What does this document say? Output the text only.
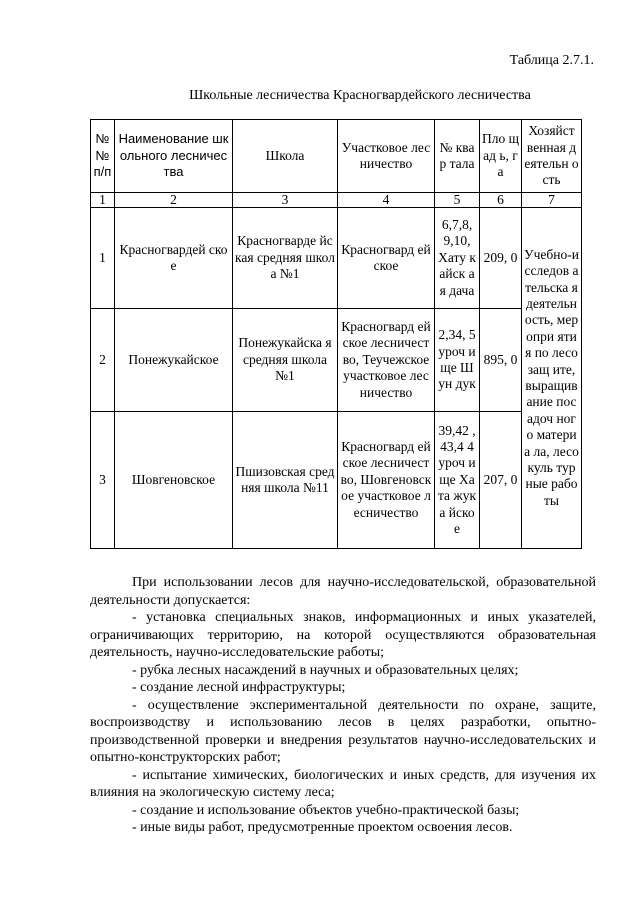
Таблица 2.7.1.

Школьные лесничества Красногвардейского лесничества

№ № п/п	Наименование школьного лесничества	Школа	Участковое лесничество	№ квар тала	Пло щад ь, га	Хозяйст венная деятельн ость
1	2	3	4	5	6	7
1	Красногвардей ское	Красногварде йская средняя школа №1	Красногвард ейское	6,7,8, 9,10, Хату кайск ая дача	209, 0	Учебно-исследов ательска я деятельн ость, меропри ятия по лесозащ ите, выращив ание посадоч ного материа ла, лесокуль турные работы
2	Понежукайское	Понежукайска я средняя школа №1	Красногвард ейское лесничество, Теучежское участковое лесничество	2,34, 5 уроч ище Шун дук	895, 0	
3	Шовгеновское	Пшизовская средняя школа №11	Красногвард ейское лесничество, Шовгеновск ое участковое лесничество	39,42 ,43,4 4 уроч ище Хата жука йское	207, 0	

При использовании лесов для научно-исследовательской, образовательной деятельности допускается:

- установка специальных знаков, информационных и иных указателей, ограничивающих территорию, на которой осуществляются образовательная деятельность, научно-исследовательские работы;

- рубка лесных насаждений в научных и образовательных целях;

- создание лесной инфраструктуры;

- осуществление экспериментальной деятельности по охране, защите, воспроизводству и использованию лесов в целях разработки, опытно-производственной проверки и внедрения результатов научно-исследовательских и опытно-конструкторских работ;

- испытание химических, биологических и иных средств, для изучения их влияния на экологическую систему леса;

- создание и использование объектов учебно-практической базы;

- иные виды работ, предусмотренные проектом освоения лесов.
